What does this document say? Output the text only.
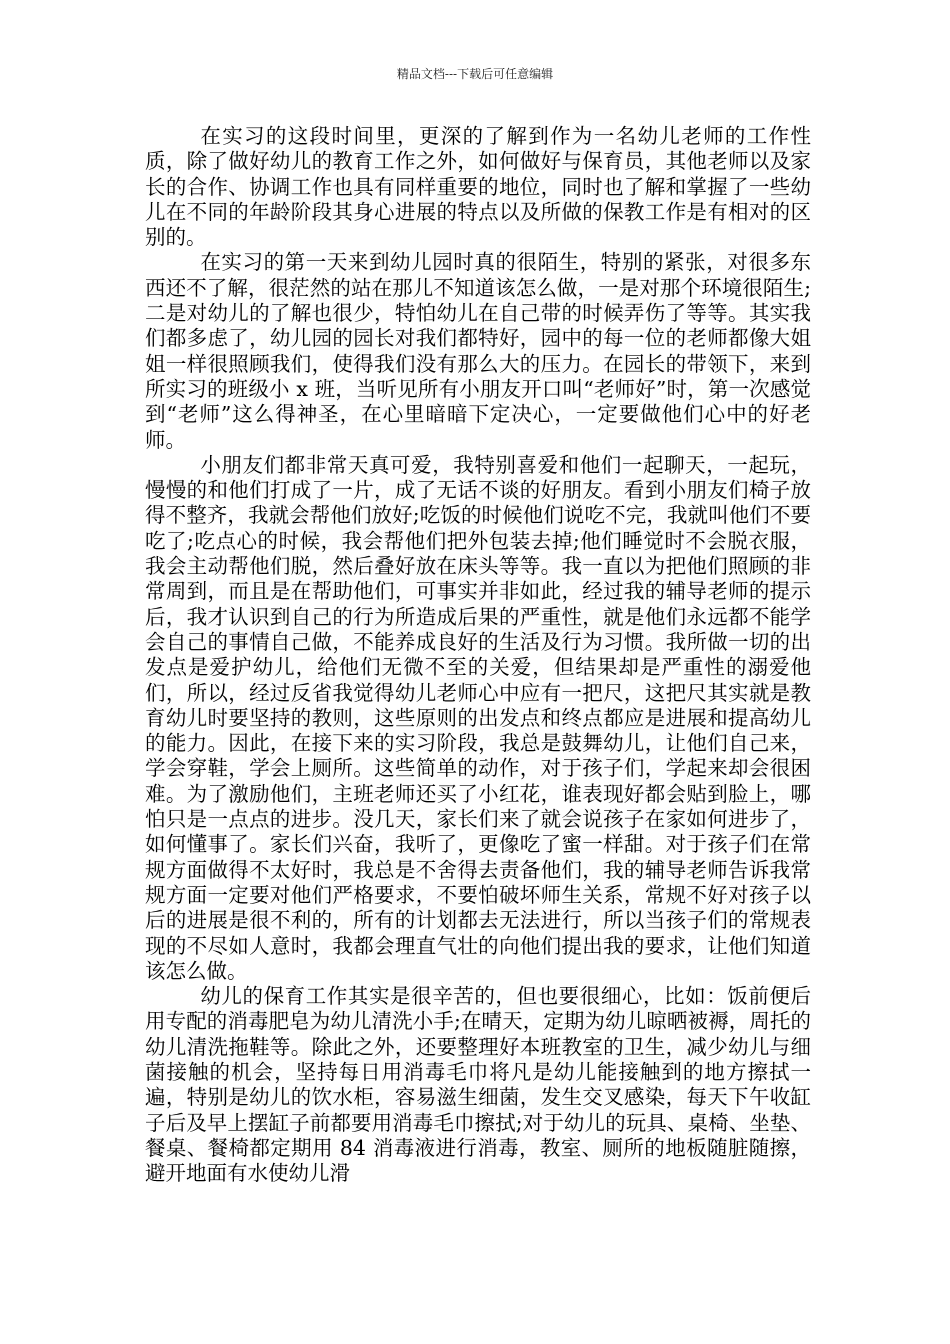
精品文档---下载后可任意编辑

在实习的这段时间里，更深的了解到作为一名幼儿老师的工作性质，除了做好幼儿的教育工作之外，如何做好与保育员，其他老师以及家长的合作、协调工作也具有同样重要的地位，同时也了解和掌握了一些幼儿在不同的年龄阶段其身心进展的特点以及所做的保教工作是有相对的区别的。

在实习的第一天来到幼儿园时真的很陌生，特别的紧张，对很多东西还不了解，很茫然的站在那儿不知道该怎么做，一是对那个环境很陌生;二是对幼儿的了解也很少，特怕幼儿在自己带的时候弄伤了等等。其实我们都多虑了，幼儿园的园长对我们都特好，园中的每一位的老师都像大姐姐一样很照顾我们，使得我们没有那么大的压力。在园长的带领下，来到所实习的班级小 x 班，当听见所有小朋友开口叫“老师好”时，第一次感觉到“老师”这么得神圣，在心里暗暗下定决心，一定要做他们心中的好老师。

小朋友们都非常天真可爱，我特别喜爱和他们一起聊天，一起玩，慢慢的和他们打成了一片，成了无话不谈的好朋友。看到小朋友们椅子放得不整齐，我就会帮他们放好;吃饭的时候他们说吃不完，我就叫他们不要吃了;吃点心的时候，我会帮他们把外包装去掉;他们睡觉时不会脱衣服，我会主动帮他们脱，然后叠好放在床头等等。我一直以为把他们照顾的非常周到，而且是在帮助他们，可事实并非如此，经过我的辅导老师的提示后，我才认识到自己的行为所造成后果的严重性，就是他们永远都不能学会自己的事情自己做，不能养成良好的生活及行为习惯。我所做一切的出发点是爱护幼儿，给他们无微不至的关爱，但结果却是严重性的溺爱他们，所以，经过反省我觉得幼儿老师心中应有一把尺，这把尺其实就是教育幼儿时要坚持的教则，这些原则的出发点和终点都应是进展和提高幼儿的能力。因此，在接下来的实习阶段，我总是鼓舞幼儿，让他们自己来，学会穿鞋，学会上厕所。这些简单的动作，对于孩子们，学起来却会很困难。为了激励他们，主班老师还买了小红花，谁表现好都会贴到脸上，哪怕只是一点点的进步。没几天，家长们来了就会说孩子在家如何进步了，如何懂事了。家长们兴奋，我听了，更像吃了蜜一样甜。对于孩子们在常规方面做得不太好时，我总是不舍得去责备他们，我的辅导老师告诉我常规方面一定要对他们严格要求，不要怕破坏师生关系，常规不好对孩子以后的进展是很不利的，所有的计划都去无法进行，所以当孩子们的常规表现的不尽如人意时，我都会理直气壮的向他们提出我的要求，让他们知道该怎么做。

幼儿的保育工作其实是很辛苦的，但也要很细心，比如：饭前便后用专配的消毒肥皂为幼儿清洗小手;在晴天，定期为幼儿晾晒被褥，周托的幼儿清洗拖鞋等。除此之外，还要整理好本班教室的卫生，减少幼儿与细菌接触的机会，坚持每日用消毒毛巾将凡是幼儿能接触到的地方擦拭一遍，特别是幼儿的饮水柜，容易滋生细菌，发生交叉感染，每天下午收缸子后及早上摆缸子前都要用消毒毛巾擦拭;对于幼儿的玩具、桌椅、坐垫、餐桌、餐椅都定期用 84 消毒液进行消毒，教室、厕所的地板随脏随擦，避开地面有水使幼儿滑
